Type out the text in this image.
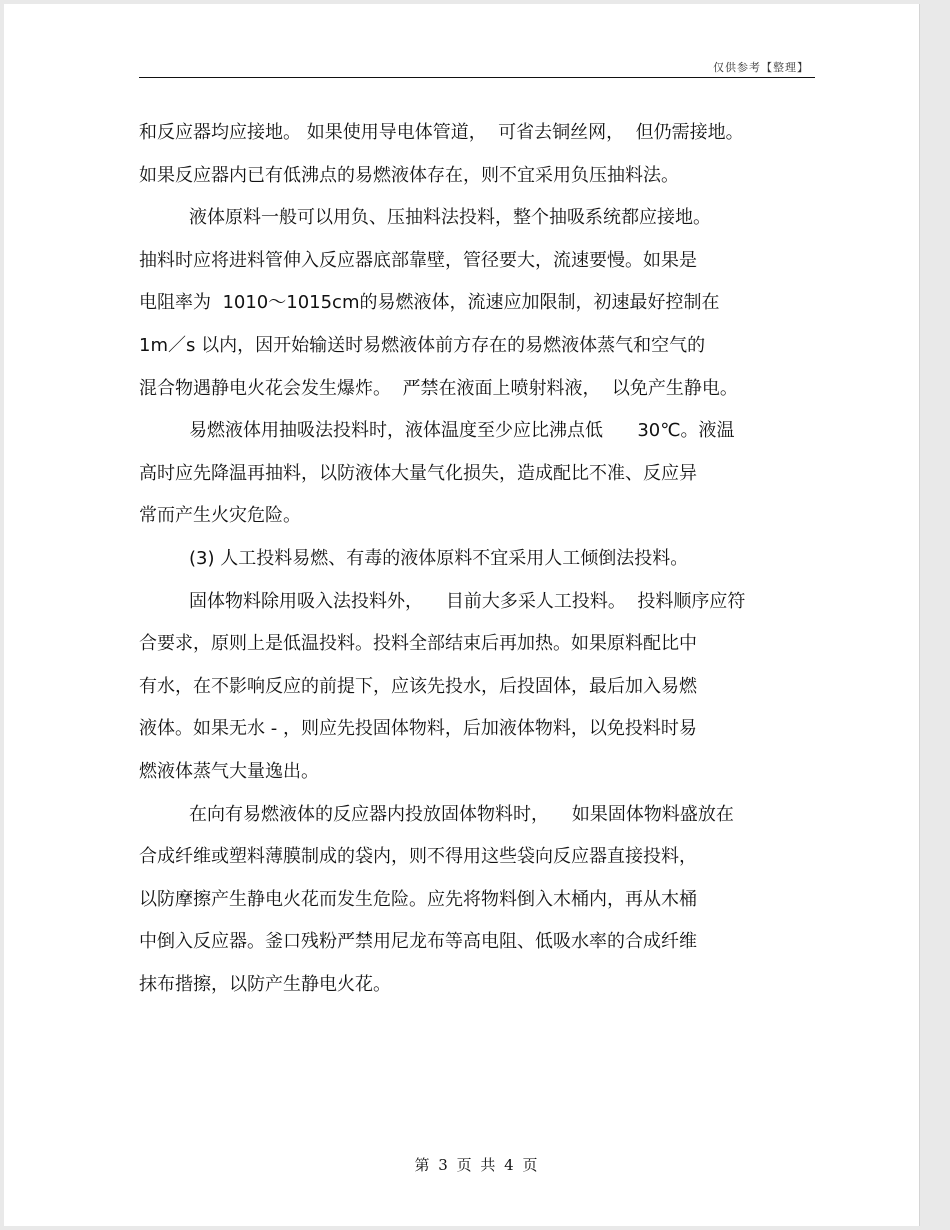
仅供参考【整理】
和反应器均应接地。 如果使用导电体管道，  可省去铜丝网，  但仍需接地。
如果反应器内已有低沸点的易燃液体存在，则不宜采用负压抽料法。
液体原料一般可以用负、压抽料法投料，整个抽吸系统都应接地。
抽料时应将进料管伸入反应器底部靠壁，管径要大，流速要慢。如果是
电阻率为  1010～1015cm的易燃液体，流速应加限制，初速最好控制在
1m／s 以内，因开始输送时易燃液体前方存在的易燃液体蒸气和空气的
混合物遇静电火花会发生爆炸。  严禁在液面上喷射料液，  以免产生静电。
易燃液体用抽吸法投料时，液体温度至少应比沸点低      30℃。液温
高时应先降温再抽料，以防液体大量气化损失，造成配比不准、反应异
常而产生火灾危险。
(3) 人工投料易燃、有毒的液体原料不宜采用人工倾倒法投料。
固体物料除用吸入法投料外，    目前大多采人工投料。  投料顺序应符
合要求，原则上是低温投料。投料全部结束后再加热。如果原料配比中
有水，在不影响反应的前提下，应该先投水，后投固体，最后加入易燃
液体。如果无水 - ，则应先投固体物料，后加液体物料，以免投料时易
燃液体蒸气大量逸出。
在向有易燃液体的反应器内投放固体物料时，    如果固体物料盛放在
合成纤维或塑料薄膜制成的袋内，则不得用这些袋向反应器直接投料，
以防摩擦产生静电火花而发生危险。应先将物料倒入木桶内，再从木桶
中倒入反应器。釜口残粉严禁用尼龙布等高电阻、低吸水率的合成纤维
抹布揩擦，以防产生静电火花。
第 3 页 共 4 页
